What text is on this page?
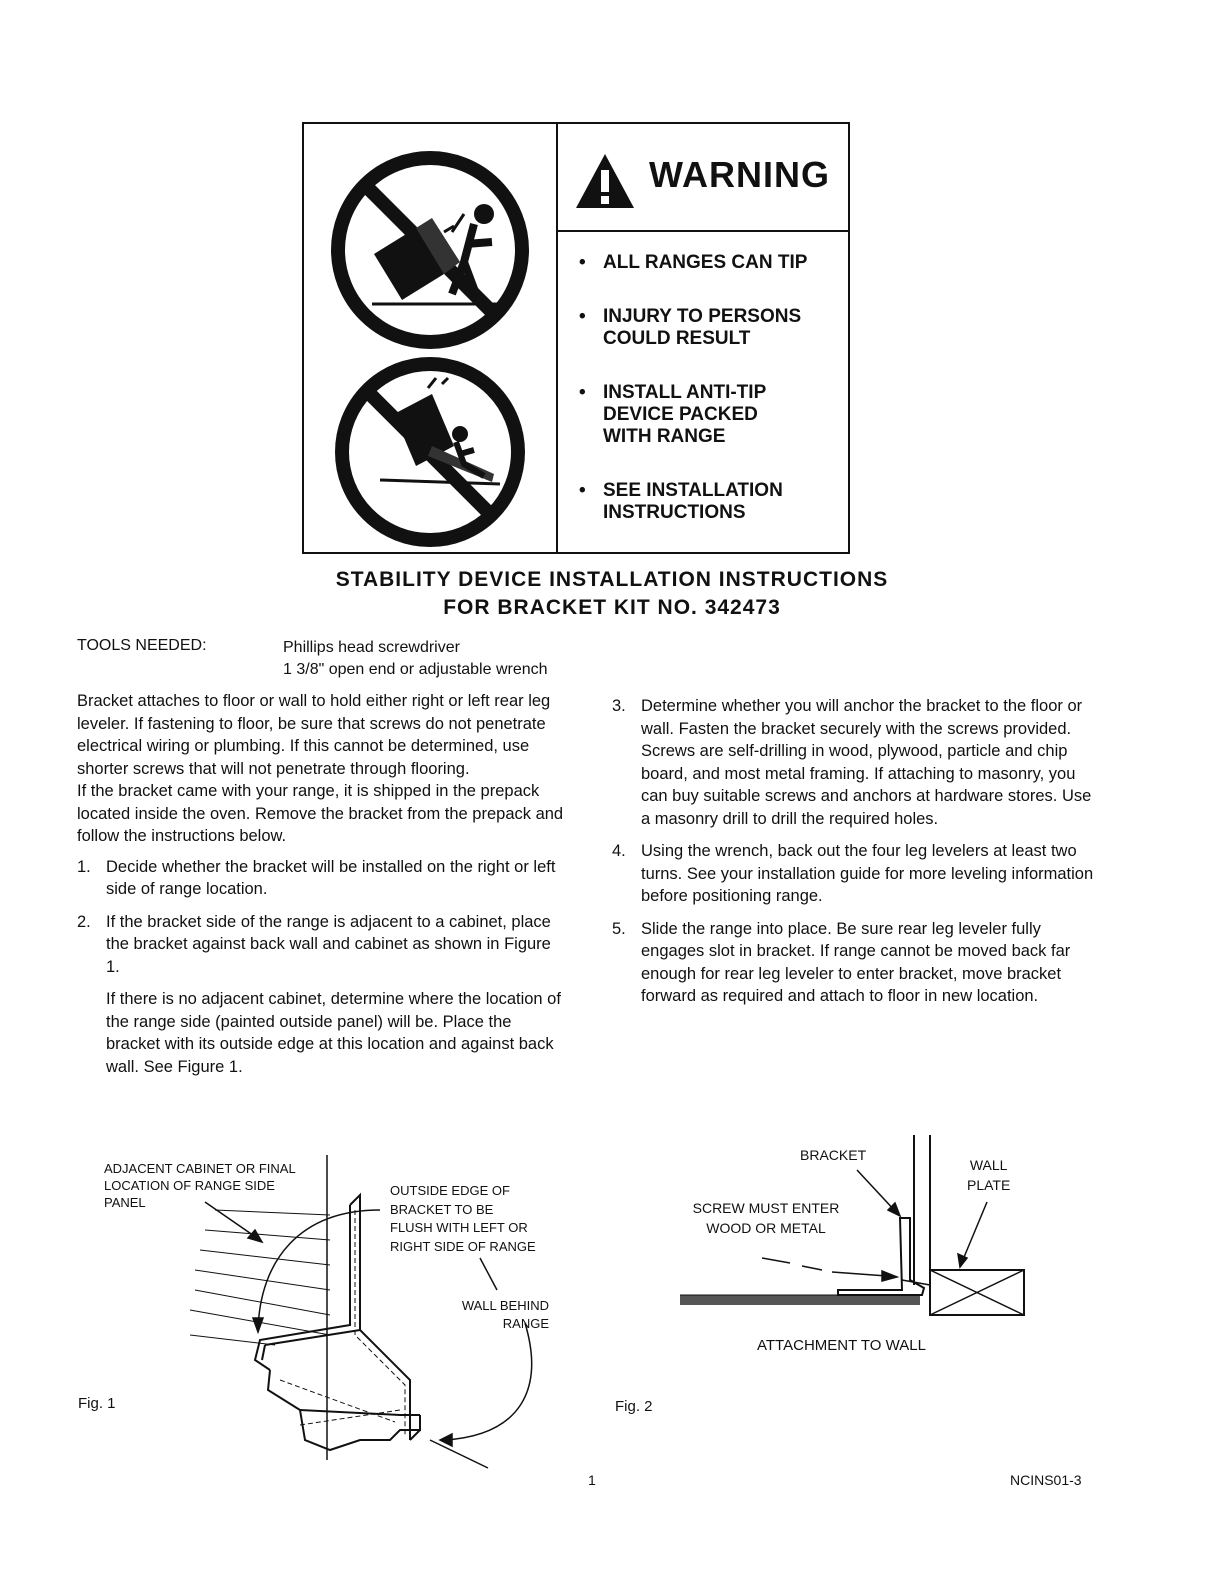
WARNING
• ALL RANGES CAN TIP
• INJURY TO PERSONS COULD RESULT
• INSTALL ANTI-TIP DEVICE PACKED WITH RANGE
• SEE INSTALLATION INSTRUCTIONS
STABILITY DEVICE INSTALLATION INSTRUCTIONS
FOR BRACKET KIT NO. 342473
TOOLS NEEDED:	Phillips head screwdriver
1 3/8" open end or adjustable wrench

Bracket attaches to floor or wall to hold either right or left rear leg leveler. If fastening to floor, be sure that screws do not penetrate electrical wiring or plumbing. If this cannot be determined, use shorter screws that will not penetrate through flooring.

If the bracket came with your range, it is shipped in the prepack located inside the oven. Remove the bracket from the prepack and follow the instructions below.

1. Decide whether the bracket will be installed on the right or left side of range location.
2. If the bracket side of the range is adjacent to a cabinet, place the bracket against back wall and cabinet as shown in Figure 1.
If there is no adjacent cabinet, determine where the location of the range side (painted outside panel) will be. Place the bracket with its outside edge at this location and against back wall. See Figure 1.
3. Determine whether you will anchor the bracket to the floor or wall. Fasten the bracket securely with the screws provided. Screws are self-drilling in wood, plywood, particle and chip board, and most metal framing. If attaching to masonry, you can buy suitable screws and anchors at hardware stores. Use a masonry drill to drill the required holes.
4. Using the wrench, back out the four leg levelers at least two turns. See your installation guide for more leveling information before positioning range.
5. Slide the range into place. Be sure rear leg leveler fully engages slot in bracket. If range cannot be moved back far enough for rear leg leveler to enter bracket, move bracket forward as required and attach to floor in new location.
ADJACENT CABINET OR FINAL
LOCATION OF RANGE SIDE
PANEL
OUTSIDE EDGE OF
BRACKET TO BE
FLUSH WITH LEFT OR
RIGHT SIDE OF RANGE
WALL BEHIND
RANGE
Fig. 1
BRACKET
WALL
PLATE
SCREW MUST ENTER
WOOD OR METAL
ATTACHMENT TO WALL
Fig. 2
1	NCINS01-3
